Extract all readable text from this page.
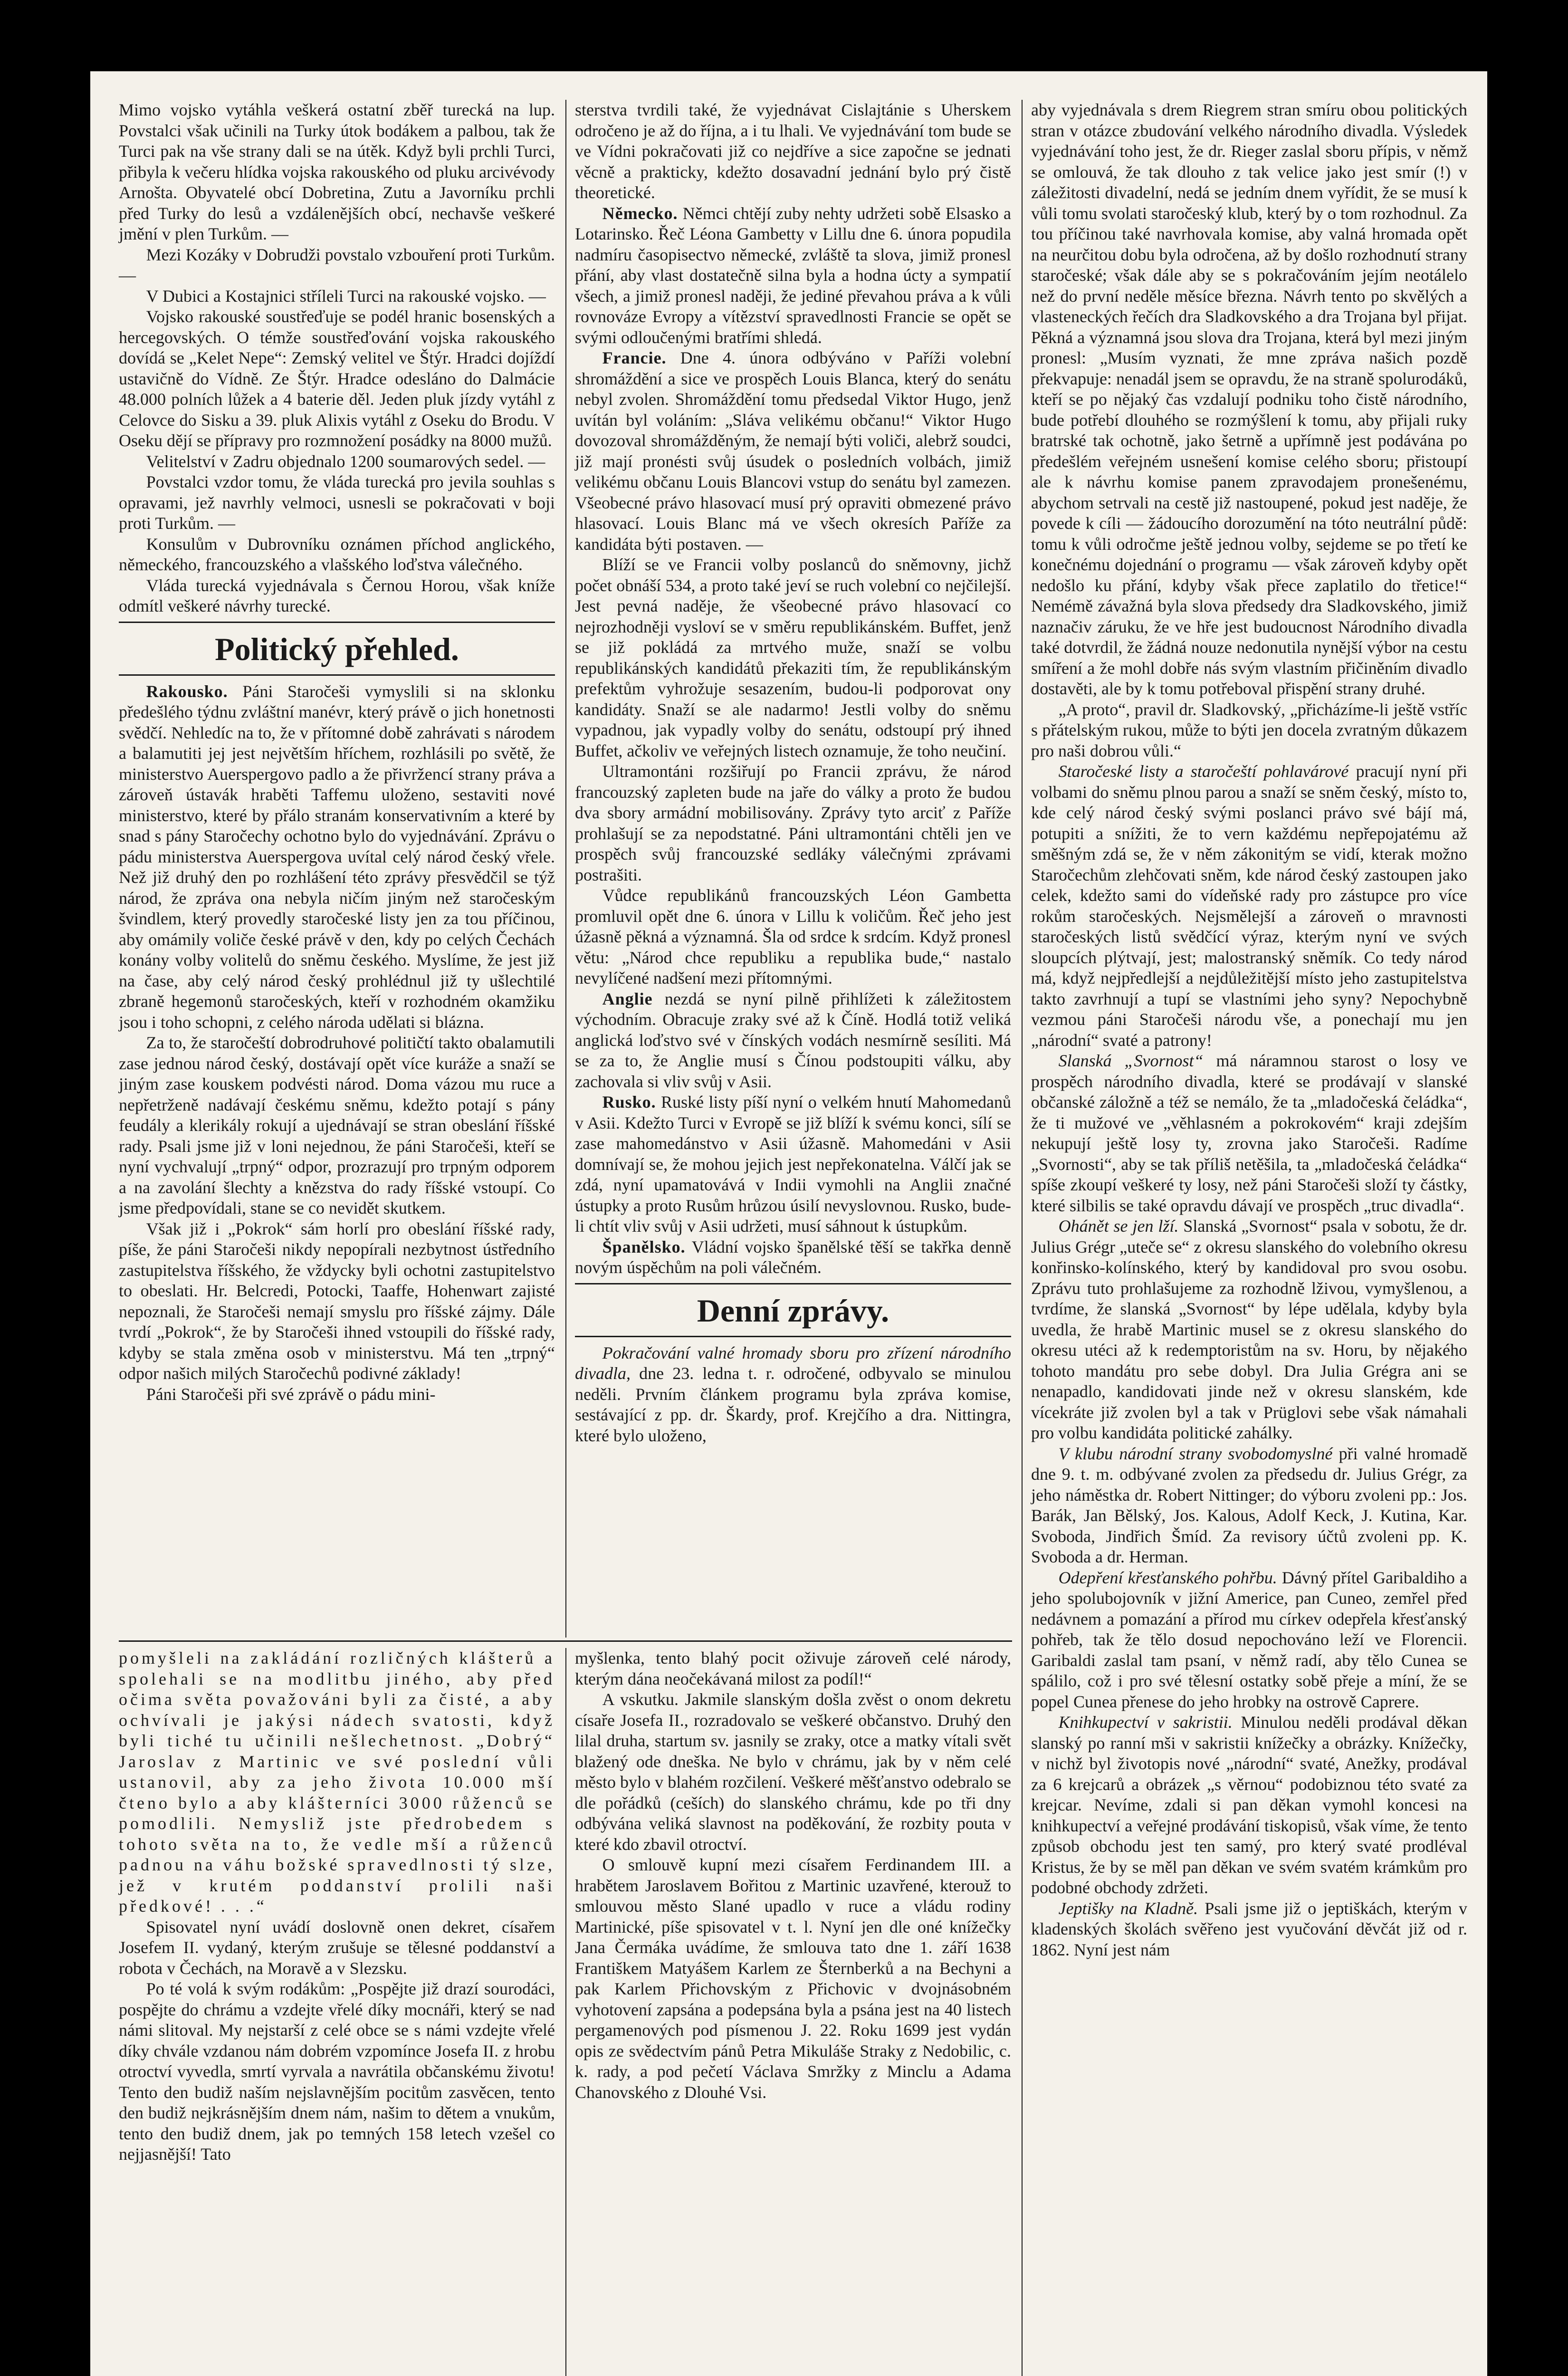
Mimo vojsko vytáhla veškerá ostatní zběř turecká na lup. Povstalci však učinili na Turky útok bodákem a palbou, tak že Turci pak na vše strany dali se na útěk. Když byli prchli Turci, přibyla k večeru hlídka vojska rakouského od pluku arcivévody Arnošta. Obyvatelé obcí Dobretina, Zutu a Javorníku prchli před Turky do lesů a vzdálenějších obcí, nechavše veškeré jmění v plen Turkům. —

Mezi Kozáky v Dobrudži povstalo vzbouření proti Turkům. —

V Dubici a Kostajnici stříleli Turci na rakouské vojsko. —

Vojsko rakouské soustřeďuje se podél hranic bosenských a hercegovských. O témže soustřeďování vojska rakouského dovídá se „Kelet Nepe“: Zemský velitel ve Štýr. Hradci dojíždí ustavičně do Vídně. Ze Štýr. Hradce odesláno do Dalmácie 48.000 polních lůžek a 4 baterie děl. Jeden pluk jízdy vytáhl z Celovce do Sisku a 39. pluk Alixis vytáhl z Oseku do Brodu. V Oseku dějí se přípravy pro rozmnožení posádky na 8000 mužů.

Velitelství v Zadru objednalo 1200 soumarových sedel. —

Povstalci vzdor tomu, že vláda turecká pro jevila souhlas s opravami, jež navrhly velmoci, usnesli se pokračovati v boji proti Turkům. —

Konsulům v Dubrovníku oznámen příchod anglického, německého, francouzského a vlašského loďstva válečného.

Vláda turecká vyjednávala s Černou Horou, však kníže odmítl veškeré návrhy turecké.

Politický přehled.

Rakousko. Páni Staročeši vymyslili si na sklonku předešlého týdnu zvláštní manévr, který právě o jich honetnosti svědčí. Nehledíc na to, že v přítomné době zahrávati s národem a balamutiti jej jest největším hříchem, rozhlásili po světě, že ministerstvo Auerspergovo padlo a že přivržencí strany práva a zároveň ústavák hraběti Taffemu uloženo, sestaviti nové ministerstvo, které by přálo stranám konservativním a které by snad s pány Staročechy ochotno bylo do vyjednávání. Zprávu o pádu ministerstva Auerspergova uvítal celý národ český vřele. Než již druhý den po rozhlášení této zprávy přesvědčil se týž národ, že zpráva ona nebyla ničím jiným než staročeským švindlem, který provedly staročeské listy jen za tou příčinou, aby omámily voliče české právě v den, kdy po celých Čechách konány volby volitelů do sněmu českého. Myslíme, že jest již na čase, aby celý národ český prohlédnul již ty ušlechtilé zbraně hegemonů staročeských, kteří v rozhodném okamžiku jsou i toho schopni, z celého národa udělati si blázna.

Za to, že staročeští dobrodruhové političtí takto obalamutili zase jednou národ český, dostávají opět více kuráže a snaží se jiným zase kouskem podvésti národ. Doma vázou mu ruce a nepřetrženě nadávají českému sněmu, kdežto potají s pány feudály a klerikály rokují a ujednávají se stran obeslání říšské rady. Psali jsme již v loni nejednou, že páni Staročeši, kteří se nyní vychvalují „trpný“ odpor, prozrazují pro trpným odporem a na zavolání šlechty a knězstva do rady říšské vstoupí. Co jsme předpovídali, stane se co nevidět skutkem.

Však již i „Pokrok“ sám horlí pro obeslání říšské rady, píše, že páni Staročeši nikdy nepopírali nezbytnost ústředního zastupitelstva říšského, že vždycky byli ochotni zastupitelstvo to obeslati. Hr. Belcredi, Potocki, Taaffe, Hohenwart zajisté nepoznali, že Staročeši nemají smyslu pro říšské zájmy. Dále tvrdí „Pokrok“, že by Staročeši ihned vstoupili do říšské rady, kdyby se stala změna osob v ministerstvu. Má ten „trpný“ odpor našich milých Staročechů podivné základy!

Páni Staročeši při své zprávě o pádu mini-

sterstva tvrdili také, že vyjednávat Cislajtánie s Uherskem odročeno je až do října, a i tu lhali. Ve vyjednávání tom bude se ve Vídni pokračovati již co nejdříve a sice započne se jednati věcně a prakticky, kdežto dosavadní jednání bylo prý čistě theoretické.

Německo. Němci chtějí zuby nehty udržeti sobě Elsasko a Lotarinsko. Řeč Léona Gambetty v Lillu dne 6. února popudila nadmíru časopisectvo německé, zvláště ta slova, jimiž pronesl přání, aby vlast dostatečně silna byla a hodna úcty a sympatií všech, a jimiž pronesl naději, že jediné převahou práva a k vůli rovnováze Evropy a vítězství spravedlnosti Francie se opět se svými odloučenými bratřími shledá.

Francie. Dne 4. února odbýváno v Paříži volební shromáždění a sice ve prospěch Louis Blanca, který do senátu nebyl zvolen. Shromáždění tomu předsedal Viktor Hugo, jenž uvítán byl voláním: „Sláva velikému občanu!“ Viktor Hugo dovozoval shromážděným, že nemají býti voliči, alebrž soudci, již mají pronésti svůj úsudek o posledních volbách, jimiž velikému občanu Louis Blancovi vstup do senátu byl zamezen. Všeobecné právo hlasovací musí prý opraviti obmezené právo hlasovací. Louis Blanc má ve všech okresích Paříže za kandidáta býti postaven. —

Blíží se ve Francii volby poslanců do sněmovny, jichž počet obnáší 534, a proto také jeví se ruch volební co nejčilejší. Jest pevná naděje, že všeobecné právo hlasovací co nejrozhodněji vysloví se v směru republikánském. Buffet, jenž se již pokládá za mrtvého muže, snaží se volbu republikánských kandidátů překaziti tím, že republikánským prefektům vyhrožuje sesazením, budou-li podporovat ony kandidáty. Snaží se ale nadarmo! Jestli volby do sněmu vypadnou, jak vypadly volby do senátu, odstoupí prý ihned Buffet, ačkoliv ve veřejných listech oznamuje, že toho neučiní.

Ultramontáni rozšiřují po Francii zprávu, že národ francouzský zapleten bude na jaře do války a proto že budou dva sbory armádní mobilisovány. Zprávy tyto arciť z Paříže prohlašují se za nepodstatné. Páni ultramontáni chtěli jen ve prospěch svůj francouzské sedláky válečnými zprávami postrašiti.

Vůdce republikánů francouzských Léon Gambetta promluvil opět dne 6. února v Lillu k voličům. Řeč jeho jest úžasně pěkná a významná. Šla od srdce k srdcím. Když pronesl větu: „Národ chce republiku a republika bude,“ nastalo nevylíčené nadšení mezi přítomnými.

Anglie nezdá se nyní pilně přihlížeti k záležitostem východním. Obracuje zraky své až k Číně. Hodlá totiž veliká anglická loďstvo své v čínských vodách nesmírně sesíliti. Má se za to, že Anglie musí s Čínou podstoupiti válku, aby zachovala si vliv svůj v Asii.

Rusko. Ruské listy píší nyní o velkém hnutí Mahomedanů v Asii. Kdežto Turci v Evropě se již blíží k svému konci, sílí se zase mahomedánstvo v Asii úžasně. Mahomedáni v Asii domnívají se, že mohou jejich jest nepřekonatelna. Válčí jak se zdá, nyní upamatovává v Indii vymohli na Anglii značné ústupky a proto Rusům hrůzou úsilí nevyslovnou. Rusko, bude-li chtít vliv svůj v Asii udržeti, musí sáhnout k ústupkům.

Španělsko. Vládní vojsko španělské těší se takřka denně novým úspěchům na poli válečném.

Denní zprávy.

Pokračování valné hromady sboru pro zřízení národního divadla, dne 23. ledna t. r. odročené, odbyvalo se minulou neděli. Prvním článkem programu byla zpráva komise, sestávající z pp. dr. Škardy, prof. Krejčího a dra. Nittingra, které bylo uloženo,

aby vyjednávala s drem Riegrem stran smíru obou politických stran v otázce zbudování velkého národního divadla. Výsledek vyjednávání toho jest, že dr. Rieger zaslal sboru přípis, v němž se omlouvá, že tak dlouho z tak velice jako jest smír (!) v záležitosti divadelní, nedá se jedním dnem vyřídit, že se musí k vůli tomu svolati staročeský klub, který by o tom rozhodnul. Za tou příčinou také navrhovala komise, aby valná hromada opět na neurčitou dobu byla odročena, až by došlo rozhodnutí strany staročeské; však dále aby se s pokračováním jejím neotálelo než do první neděle měsíce března. Návrh tento po skvělých a vlasteneckých řečích dra Sladkovského a dra Trojana byl přijat. Pěkná a významná jsou slova dra Trojana, která byl mezi jiným pronesl: „Musím vyznati, že mne zpráva našich pozdě překvapuje: nenadál jsem se opravdu, že na straně spolurodáků, kteří se po nějaký čas vzdalují podniku toho čistě národního, bude potřebí dlouhého se rozmýšlení k tomu, aby přijali ruky bratrské tak ochotně, jako šetrně a upřímně jest podávána po předešlém veřejném usnešení komise celého sboru; přistoupí ale k návrhu komise panem zpravodajem pronešenému, abychom setrvali na cestě již nastoupené, pokud jest naděje, že povede k cíli — žádoucího dorozumění na tóto neutrální půdě: tomu k vůli odročme ještě jednou volby, sejdeme se po třetí ke konečnému dojednání o programu — však zároveň kdyby opět nedošlo ku přání, kdyby však přece zaplatilo do třetice!“ Nemémě závažná byla slova předsedy dra Sladkovského, jimiž naznačiv záruku, že ve hře jest budoucnost Národního divadla také dotvrdil, že žádná nouze nedonutila nynější výbor na cestu smíření a že mohl dobře nás svým vlastním přičiněním divadlo dostavěti, ale by k tomu potřeboval přispění strany druhé.

„A proto“, pravil dr. Sladkovský, „přicházíme-li ještě vstříc s přátelským rukou, může to býti jen docela zvratným důkazem pro naši dobrou vůli.“

Staročeské listy a staročeští pohlavárové pracují nyní při volbami do sněmu plnou parou a snaží se sněm český, místo to, kde celý národ český svými poslanci právo své bájí má, potupiti a snížiti, že to vern každému nepřepojatému až směšným zdá se, že v něm zákonitým se vidí, kterak možno Staročechům zlehčovati sněm, kde národ český zastoupen jako celek, kdežto sami do vídeňské rady pro zástupce pro více rokům staročeských. Nejsmělejší a zároveň o mravnosti staročeských listů svědčící výraz, kterým nyní ve svých sloupcích plýtvají, jest; malostranský sněmík. Co tedy národ má, když nejpředlejší a nejdůležitější místo jeho zastupitelstva takto zavrhnují a tupí se vlastními jeho syny? Nepochybně vezmou páni Staročeši národu vše, a ponechají mu jen „národní“ svaté a patrony!

Slanská „Svornost“ má náramnou starost o losy ve prospěch národního divadla, které se prodávají v slanské občanské záložně a též se nemálo, že ta „mladočeská čeládka“, že ti mužové ve „věhlasném a pokrokovém“ kraji zdejším nekupují ještě losy ty, zrovna jako Staročeši. Radíme „Svornosti“, aby se tak příliš netěšila, ta „mladočeská čeládka“ spíše zkoupí veškeré ty losy, než páni Staročeši složí ty částky, které silbilis se také opravdu dávají ve prospěch „truc divadla“.

Ohánět se jen lží. Slanská „Svornost“ psala v sobotu, že dr. Julius Grégr „uteče se“ z okresu slanského do volebního okresu konřinsko-kolínského, který by kandidoval pro svou osobu. Zprávu tuto prohlašujeme za rozhodně lživou, vymyšlenou, a tvrdíme, že slanská „Svornost“ by lépe udělala, kdyby byla uvedla, že hrabě Martinic musel se z okresu slanského do okresu utéci až k redemptoristům na sv. Horu, by nějakého tohoto mandátu pro sebe dobyl. Dra Julia Grégra ani se nenapadlo, kandidovati jinde než v okresu slanském, kde vícekráte již zvolen byl a tak v Prüglovi sebe však námahali pro volbu kandidáta politické zahálky.

V klubu národní strany svobodomyslné při valné hromadě dne 9. t. m. odbývané zvolen za předsedu dr. Julius Grégr, za jeho náměstka dr. Robert Nittinger; do výboru zvoleni pp.: Jos. Barák, Jan Bělský, Jos. Kalous, Adolf Keck, J. Kutina, Kar. Svoboda, Jindřich Šmíd. Za revisory účtů zvoleni pp. K. Svoboda a dr. Herman.

Odepření křesťanského pohřbu. Dávný přítel Garibaldiho a jeho spolubojovník v jižní Americe, pan Cuneo, zemřel před nedávnem a pomazání a přírod mu církev odepřela křesťanský pohřeb, tak že tělo dosud nepochováno leží ve Florencii. Garibaldi zaslal tam psaní, v němž radí, aby tělo Cunea se spálilo, což i pro své tělesní ostatky sobě přeje a míní, že se popel Cunea přenese do jeho hrobky na ostrově Caprere.

Knihkupectví v sakristii. Minulou neděli prodával děkan slanský po ranní mši v sakristii knížečky a obrázky. Knížečky, v nichž byl životopis nové „národní“ svaté, Anežky, prodával za 6 krejcarů a obrázek „s věrnou“ podobiznou této svaté za krejcar. Nevíme, zdali si pan děkan vymohl koncesi na knihkupectví a veřejné prodávání tiskopisů, však víme, že tento způsob obchodu jest ten samý, pro který svaté prodléval Kristus, že by se měl pan děkan ve svém svatém krámkům pro podobné obchody zdržeti.

Jeptišky na Kladně. Psali jsme již o jeptiškách, kterým v kladenských školách svěřeno jest vyučování děvčát již od r. 1862. Nyní jest nám

pomyšleli na zakládání rozličných klášterů a spolehali se na modlitbu jiného, aby před očima světa považováni byli za čisté, a aby ochvívali je jakýsi nádech svatosti, když byli tiché tu učinili nešlechetnost. „Dobrý“ Jaroslav z Martinic ve své poslední vůli ustanovil, aby za jeho života 10.000 mší čteno bylo a aby klášterníci 3000 růženců se pomodlili. Nemysliž jste předrobedem s tohoto světa na to, že vedle mší a růženců padnou na váhu božské spravedlnosti tý slze, jež v krutém poddanství prolili naši předkové! . . .“

Spisovatel nyní uvádí doslovně onen dekret, císařem Josefem II. vydaný, kterým zrušuje se tělesné poddanství a robota v Čechách, na Moravě a v Slezsku.

Po té volá k svým rodákům: „Pospějte již drazí sourodáci, pospějte do chrámu a vzdejte vřelé díky mocnáři, který se nad námi slitoval. My nejstarší z celé obce se s námi vzdejte vřelé díky chvále vzdanou nám dobrém vzpomínce Josefa II. z hrobu otroctví vyvedla, smrtí vyrvala a navrátila občanskému životu! Tento den budiž naším nejslavnějším pocitům zasvěcen, tento den budiž nejkrásnějším dnem nám, našim to dětem a vnukům, tento den budiž dnem, jak po temných 158 letech vzešel co nejjasnější! Tato

myšlenka, tento blahý pocit oživuje zároveň celé národy, kterým dána neočekávaná milost za podíl!“

A vskutku. Jakmile slanským došla zvěst o onom dekretu císaře Josefa II., rozradovalo se veškeré občanstvo. Druhý den lilal druha, startum sv. jasnily se zraky, otce a matky vítali svět blažený ode dneška. Ne bylo v chrámu, jak by v něm celé město bylo v blahém rozčilení. Veškeré měšťanstvo odebralo se dle pořádků (ceších) do slanského chrámu, kde po tři dny odbývána veliká slavnost na poděkování, že rozbity pouta v které kdo zbavil otroctví.

O smlouvě kupní mezi císařem Ferdinandem III. a hrabětem Jaroslavem Bořitou z Martinic uzavřené, kterouž to smlouvou město Slané upadlo v ruce a vládu rodiny Martinické, píše spisovatel v t. l. Nyní jen dle oné knížečky Jana Čermáka uvádíme, že smlouva tato dne 1. září 1638 Františkem Matyášem Karlem ze Šternberků a na Bechyni a pak Karlem Přichovským z Přichovic v dvojnásobném vyhotovení zapsána a podepsána byla a psána jest na 40 listech pergamenových pod písmenou J. 22. Roku 1699 jest vydán opis ze svědectvím pánů Petra Mikuláše Straky z Nedobilic, c. k. rady, a pod pečetí Václava Smržky z Minclu a Adama Chanovského z Dlouhé Vsi.
